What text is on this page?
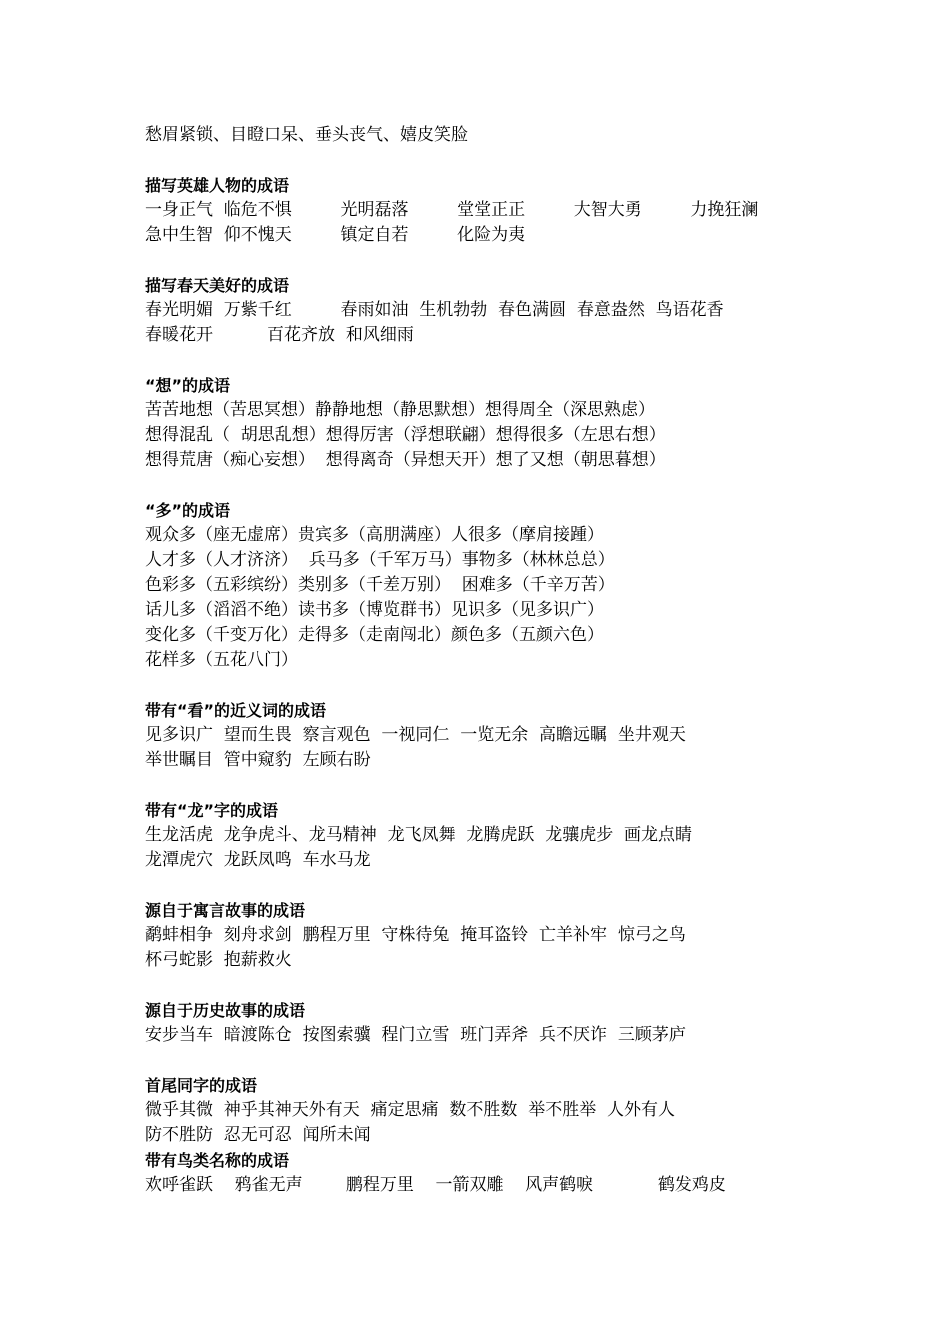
愁眉紧锁、目瞪口呆、垂头丧气、嬉皮笑脸
描写英雄人物的成语
一身正气  临危不惧         光明磊落         堂堂正正         大智大勇         力挽狂澜
急中生智  仰不愧天         镇定自若         化险为夷
描写春天美好的成语
春光明媚  万紫千红         春雨如油  生机勃勃  春色满圆  春意盎然  鸟语花香
春暖花开          百花齐放  和风细雨
“想”的成语
苦苦地想（苦思冥想）静静地想（静思默想）想得周全（深思熟虑）
想得混乱（  胡思乱想）想得厉害（浮想联翩）想得很多（左思右想）
想得荒唐（痴心妄想）  想得离奇（异想天开）想了又想（朝思暮想）
“多”的成语
观众多（座无虚席）贵宾多（高朋满座）人很多（摩肩接踵）
人才多（人才济济）  兵马多（千军万马）事物多（林林总总）
色彩多（五彩缤纷）类别多（千差万别）  困难多（千辛万苦）
话儿多（滔滔不绝）读书多（博览群书）见识多（见多识广）
变化多（千变万化）走得多（走南闯北）颜色多（五颜六色）
花样多（五花八门）
带有“看”的近义词的成语
见多识广  望而生畏  察言观色  一视同仁  一览无余  高瞻远瞩  坐井观天
举世瞩目  管中窥豹  左顾右盼
带有“龙”字的成语
生龙活虎  龙争虎斗、龙马精神  龙飞凤舞  龙腾虎跃  龙骧虎步  画龙点睛
龙潭虎穴  龙跃凤鸣  车水马龙
源自于寓言故事的成语
鹬蚌相争  刻舟求剑  鹏程万里  守株待兔  掩耳盗铃  亡羊补牢  惊弓之鸟
杯弓蛇影  抱薪救火
源自于历史故事的成语
安步当车  暗渡陈仓  按图索骥  程门立雪  班门弄斧  兵不厌诈  三顾茅庐
首尾同字的成语
微乎其微  神乎其神天外有天  痛定思痛  数不胜数  举不胜举  人外有人
防不胜防  忍无可忍  闻所未闻
带有鸟类名称的成语
欢呼雀跃    鸦雀无声        鹏程万里    一箭双雕    风声鹤唳            鹤发鸡皮
